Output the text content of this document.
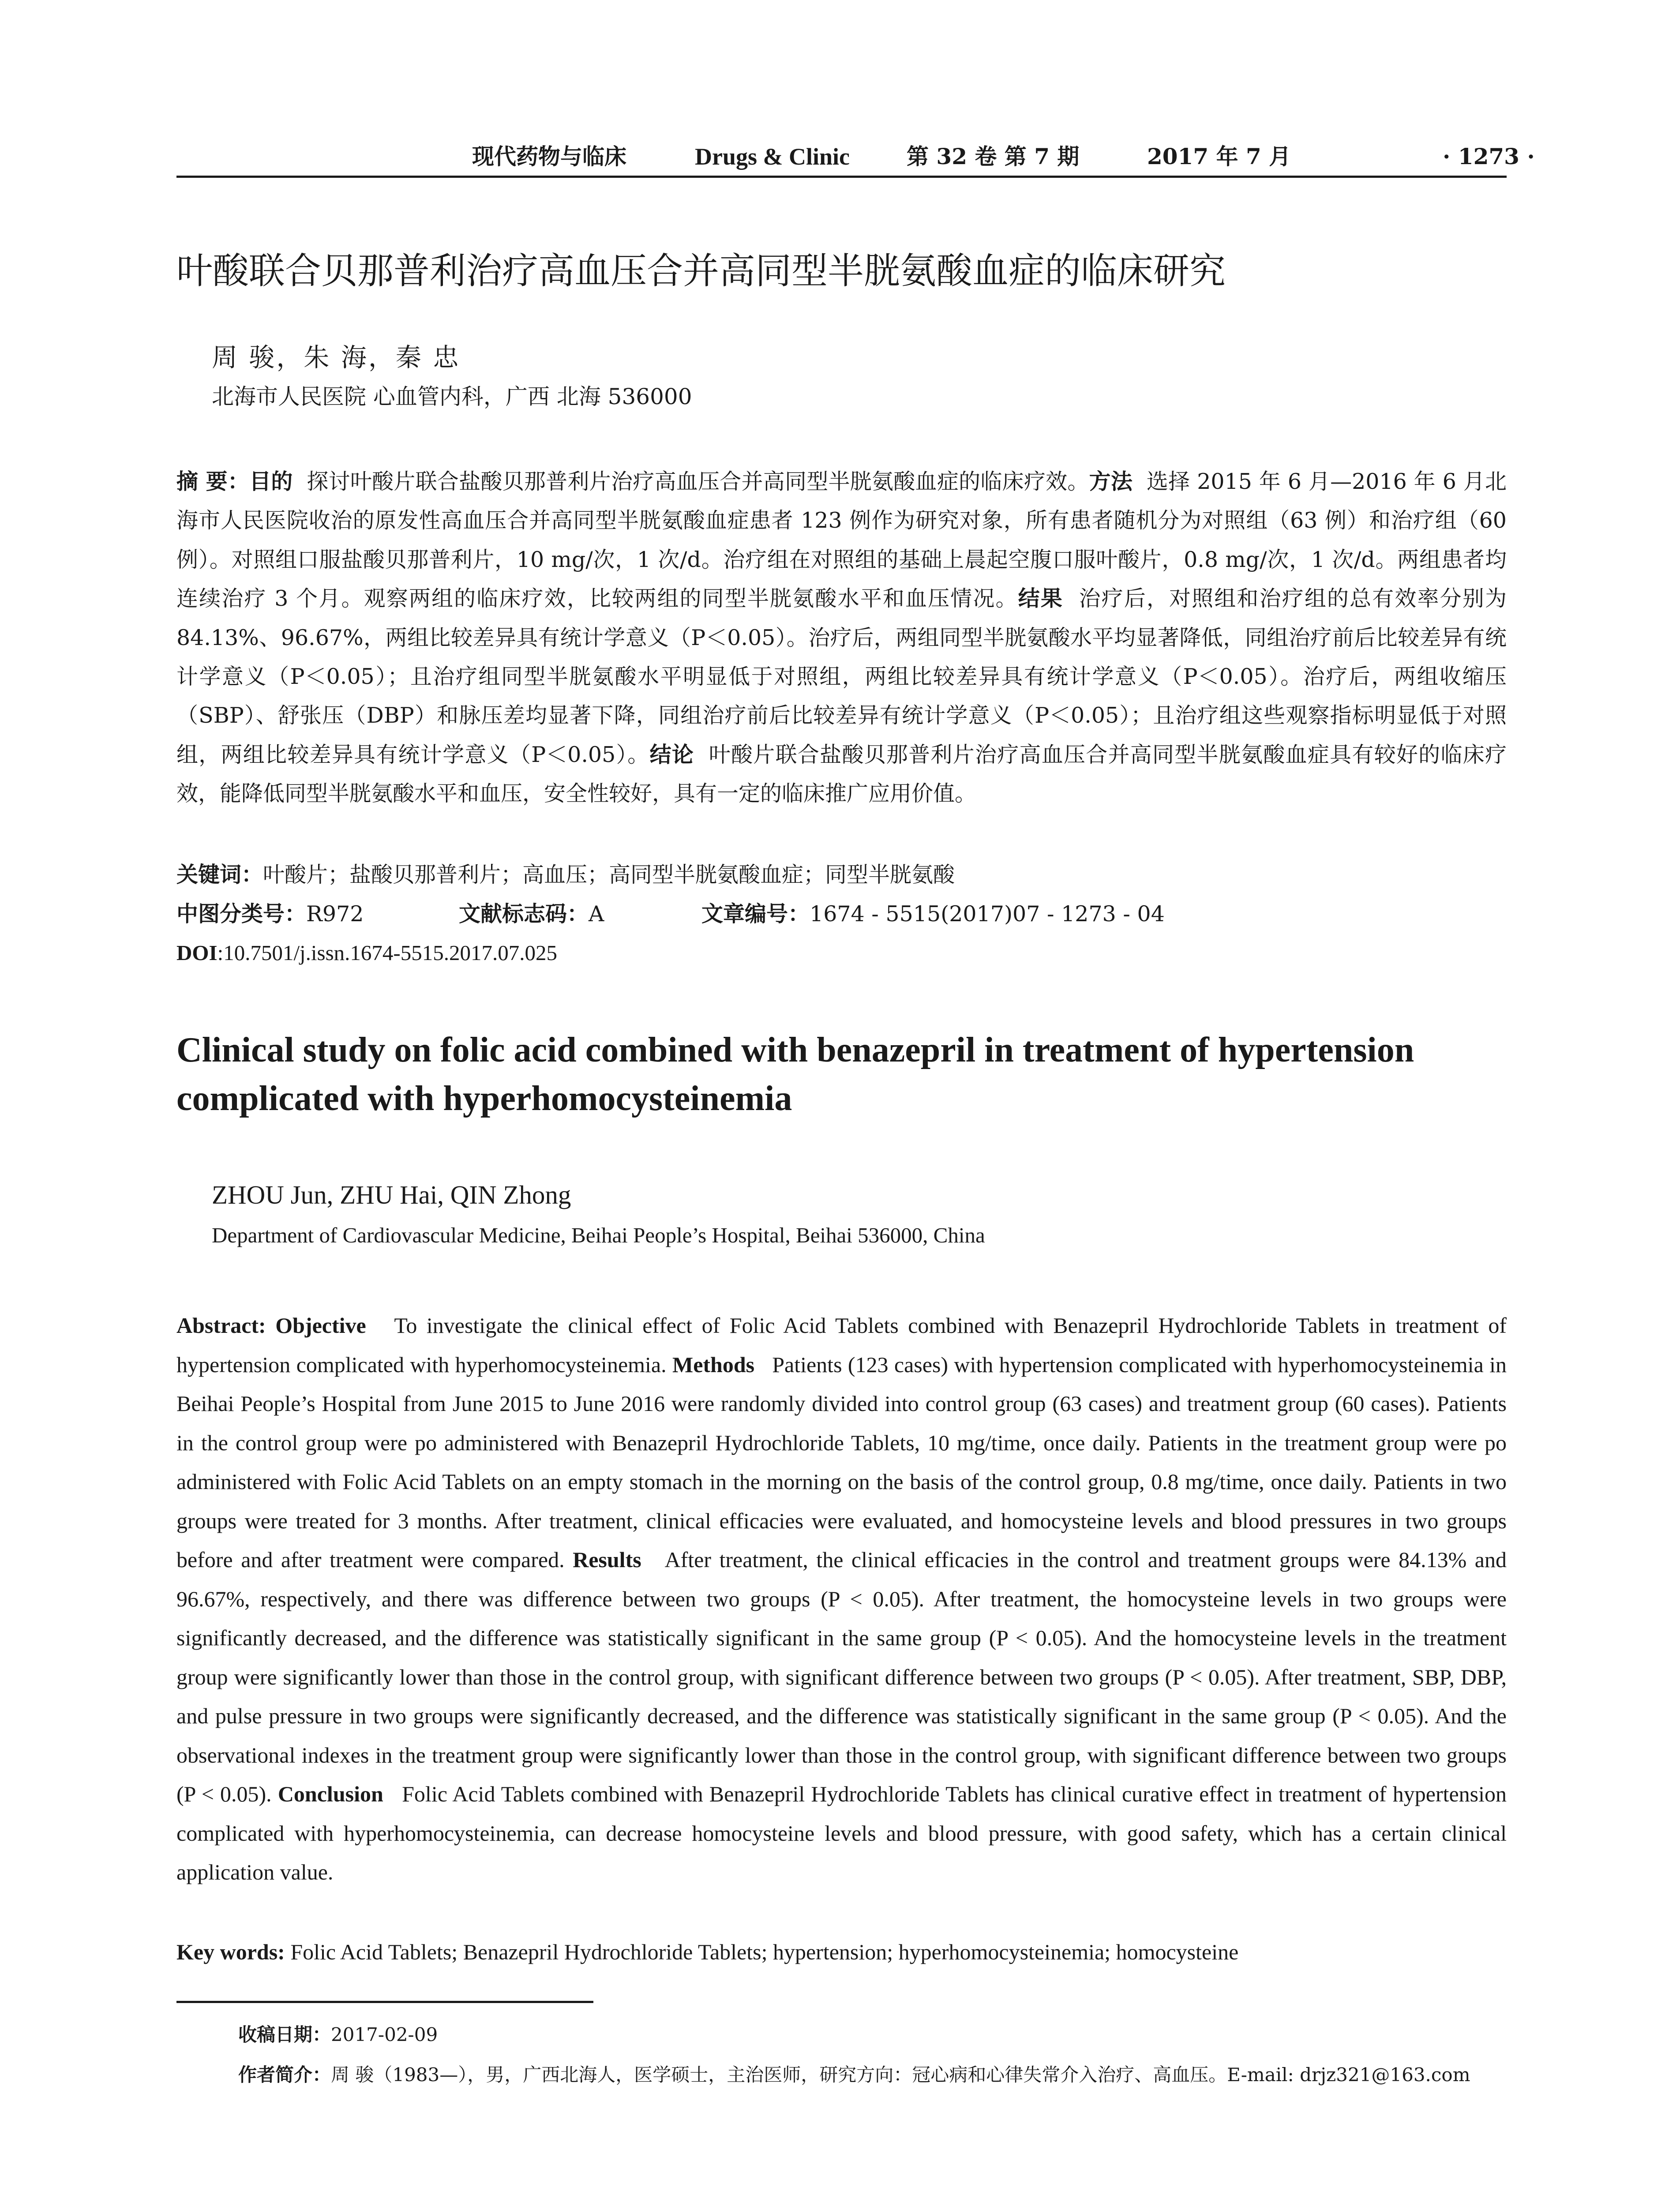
现代药物与临床	Drugs & Clinic	第 32 卷 第 7 期	2017 年 7 月	· 1273 ·
叶酸联合贝那普利治疗高血压合并高同型半胱氨酸血症的临床研究
周 骏，朱 海，秦 忠
北海市人民医院 心血管内科，广西 北海 536000
摘 要：目的 探讨叶酸片联合盐酸贝那普利片治疗高血压合并高同型半胱氨酸血症的临床疗效。方法 选择 2015 年 6 月—2016 年 6 月北海市人民医院收治的原发性高血压合并高同型半胱氨酸血症患者 123 例作为研究对象，所有患者随机分为对照组（63 例）和治疗组（60 例）。对照组口服盐酸贝那普利片，10 mg/次，1 次/d。治疗组在对照组的基础上晨起空腹口服叶酸片，0.8 mg/次，1 次/d。两组患者均连续治疗 3 个月。观察两组的临床疗效，比较两组的同型半胱氨酸水平和血压情况。结果 治疗后，对照组和治疗组的总有效率分别为 84.13%、96.67%，两组比较差异具有统计学意义（P＜0.05）。治疗后，两组同型半胱氨酸水平均显著降低，同组治疗前后比较差异有统计学意义（P＜0.05）；且治疗组同型半胱氨酸水平明显低于对照组，两组比较差异具有统计学意义（P＜0.05）。治疗后，两组收缩压（SBP）、舒张压（DBP）和脉压差均显著下降，同组治疗前后比较差异有统计学意义（P＜0.05）；且治疗组这些观察指标明显低于对照组，两组比较差异具有统计学意义（P＜0.05）。结论 叶酸片联合盐酸贝那普利片治疗高血压合并高同型半胱氨酸血症具有较好的临床疗效，能降低同型半胱氨酸水平和血压，安全性较好，具有一定的临床推广应用价值。
关键词：叶酸片；盐酸贝那普利片；高血压；高同型半胱氨酸血症；同型半胱氨酸
中图分类号：R972	文献标志码：A	文章编号：1674 - 5515(2017)07 - 1273 - 04
DOI:10.7501/j.issn.1674-5515.2017.07.025
Clinical study on folic acid combined with benazepril in treatment of hypertension complicated with hyperhomocysteinemia
ZHOU Jun, ZHU Hai, QIN Zhong
Department of Cardiovascular Medicine, Beihai People’s Hospital, Beihai 536000, China
Abstract: Objective To investigate the clinical effect of Folic Acid Tablets combined with Benazepril Hydrochloride Tablets in treatment of hypertension complicated with hyperhomocysteinemia. Methods Patients (123 cases) with hypertension complicated with hyperhomocysteinemia in Beihai People’s Hospital from June 2015 to June 2016 were randomly divided into control group (63 cases) and treatment group (60 cases). Patients in the control group were po administered with Benazepril Hydrochloride Tablets, 10 mg/time, once daily. Patients in the treatment group were po administered with Folic Acid Tablets on an empty stomach in the morning on the basis of the control group, 0.8 mg/time, once daily. Patients in two groups were treated for 3 months. After treatment, clinical efficacies were evaluated, and homocysteine levels and blood pressures in two groups before and after treatment were compared. Results After treatment, the clinical efficacies in the control and treatment groups were 84.13% and 96.67%, respectively, and there was difference between two groups (P < 0.05). After treatment, the homocysteine levels in two groups were significantly decreased, and the difference was statistically significant in the same group (P < 0.05). And the homocysteine levels in the treatment group were significantly lower than those in the control group, with significant difference between two groups (P < 0.05). After treatment, SBP, DBP, and pulse pressure in two groups were significantly decreased, and the difference was statistically significant in the same group (P < 0.05). And the observational indexes in the treatment group were significantly lower than those in the control group, with significant difference between two groups (P < 0.05). Conclusion Folic Acid Tablets combined with Benazepril Hydrochloride Tablets has clinical curative effect in treatment of hypertension complicated with hyperhomocysteinemia, can decrease homocysteine levels and blood pressure, with good safety, which has a certain clinical application value.
Key words: Folic Acid Tablets; Benazepril Hydrochloride Tablets; hypertension; hyperhomocysteinemia; homocysteine
收稿日期：2017-02-09
作者简介：周 骏（1983—），男，广西北海人，医学硕士，主治医师，研究方向：冠心病和心律失常介入治疗、高血压。E-mail: drjz321@163.com
